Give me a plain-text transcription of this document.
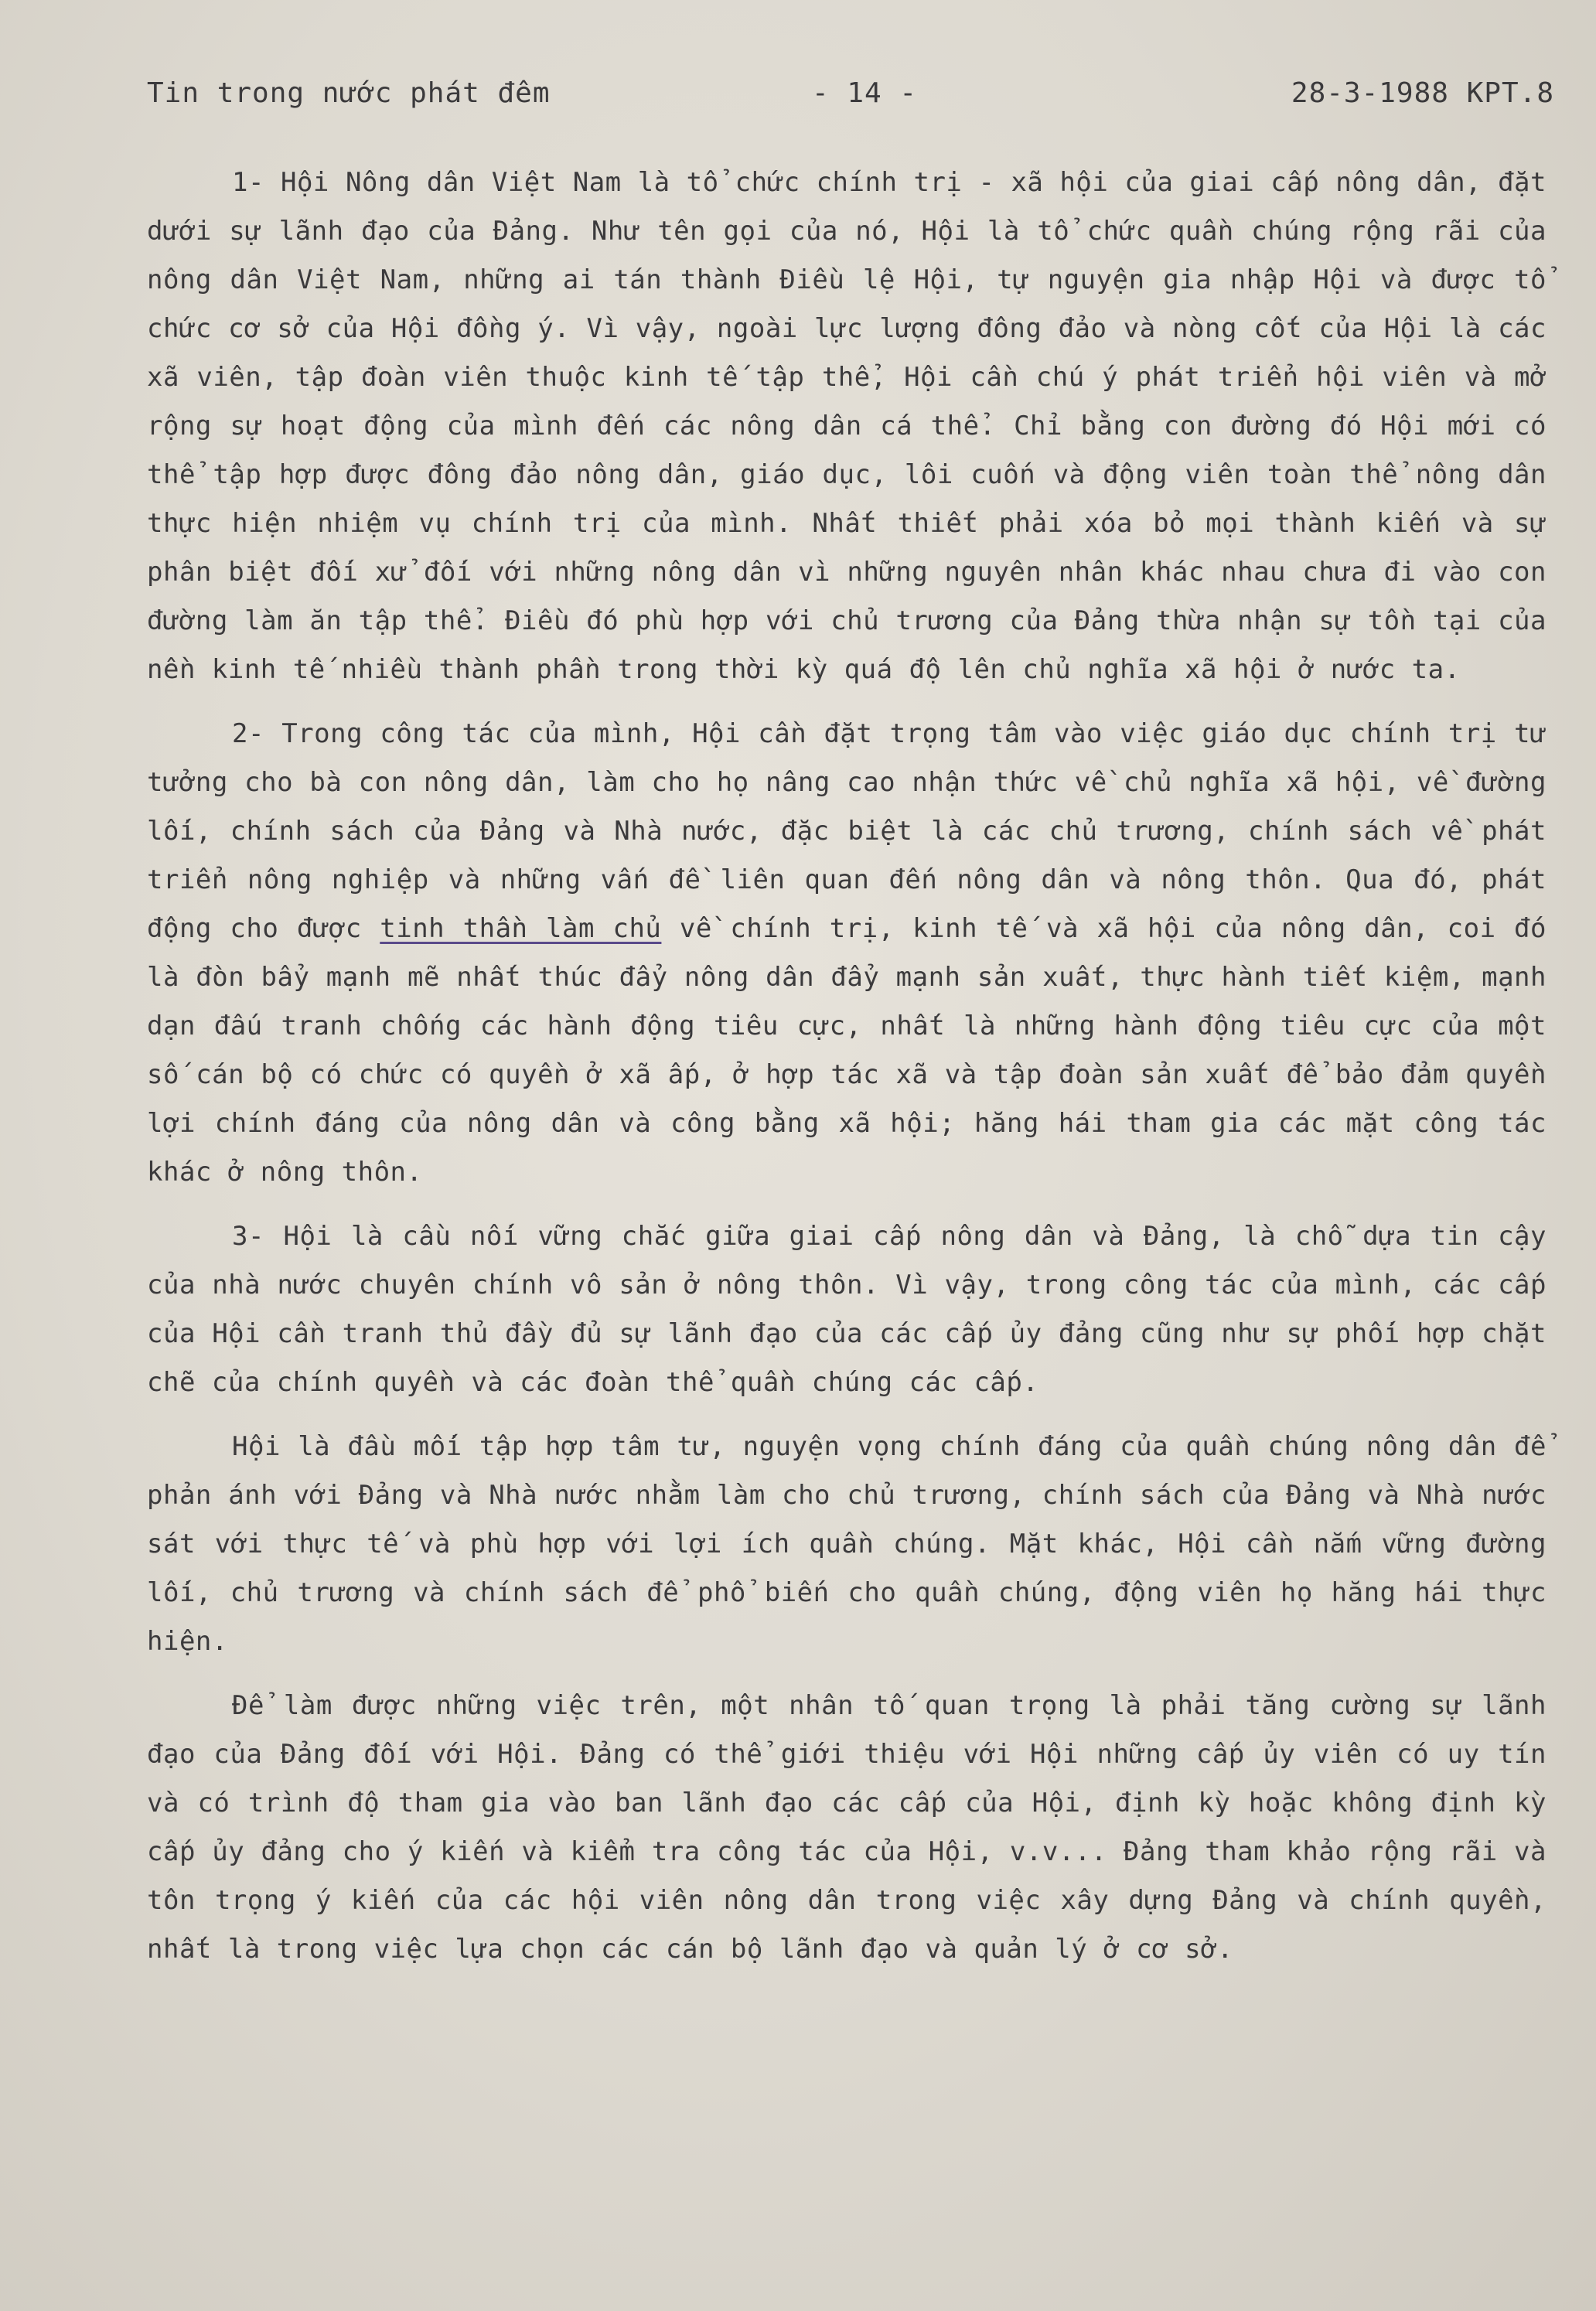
Tin trong nước phát đêm	- 14 -	28-3-1988 KPT.8

1- Hội Nông dân Việt Nam là tổ chức chính trị - xã hội của giai cấp nông dân, đặt dưới sự lãnh đạo của Đảng. Như tên gọi của nó, Hội là tổ chức quần chúng rộng rãi của nông dân Việt Nam, những ai tán thành Điều lệ Hội, tự nguyện gia nhập Hội và được tổ chức cơ sở của Hội đồng ý. Vì vậy, ngoài lực lượng đông đảo và nòng cốt của Hội là các xã viên, tập đoàn viên thuộc kinh tế tập thể, Hội cần chú ý phát triển hội viên và mở rộng sự hoạt động của mình đến các nông dân cá thể. Chỉ bằng con đường đó Hội mới có thể tập hợp được đông đảo nông dân, giáo dục, lôi cuốn và động viên toàn thể nông dân thực hiện nhiệm vụ chính trị của mình. Nhất thiết phải xóa bỏ mọi thành kiến và sự phân biệt đối xử đối với những nông dân vì những nguyên nhân khác nhau chưa đi vào con đường làm ăn tập thể. Điều đó phù hợp với chủ trương của Đảng thừa nhận sự tồn tại của nền kinh tế nhiều thành phần trong thời kỳ quá độ lên chủ nghĩa xã hội ở nước ta.

2- Trong công tác của mình, Hội cần đặt trọng tâm vào việc giáo dục chính trị tư tưởng cho bà con nông dân, làm cho họ nâng cao nhận thức về chủ nghĩa xã hội, về đường lối, chính sách của Đảng và Nhà nước, đặc biệt là các chủ trương, chính sách về phát triển nông nghiệp và những vấn đề liên quan đến nông dân và nông thôn. Qua đó, phát động cho được tinh thần làm chủ về chính trị, kinh tế và xã hội của nông dân, coi đó là đòn bẩy mạnh mẽ nhất thúc đẩy nông dân đẩy mạnh sản xuất, thực hành tiết kiệm, mạnh dạn đấu tranh chống các hành động tiêu cực, nhất là những hành động tiêu cực của một số cán bộ có chức có quyền ở xã ấp, ở hợp tác xã và tập đoàn sản xuất để bảo đảm quyền lợi chính đáng của nông dân và công bằng xã hội; hăng hái tham gia các mặt công tác khác ở nông thôn.

3- Hội là cầu nối vững chắc giữa giai cấp nông dân và Đảng, là chỗ dựa tin cậy của nhà nước chuyên chính vô sản ở nông thôn. Vì vậy, trong công tác của mình, các cấp của Hội cần tranh thủ đầy đủ sự lãnh đạo của các cấp ủy đảng cũng như sự phối hợp chặt chẽ của chính quyền và các đoàn thể quần chúng các cấp.

Hội là đầu mối tập hợp tâm tư, nguyện vọng chính đáng của quần chúng nông dân để phản ánh với Đảng và Nhà nước nhằm làm cho chủ trương, chính sách của Đảng và Nhà nước sát với thực tế và phù hợp với lợi ích quần chúng. Mặt khác, Hội cần nắm vững đường lối, chủ trương và chính sách để phổ biến cho quần chúng, động viên họ hăng hái thực hiện.

Để làm được những việc trên, một nhân tố quan trọng là phải tăng cường sự lãnh đạo của Đảng đối với Hội. Đảng có thể giới thiệu với Hội những cấp ủy viên có uy tín và có trình độ tham gia vào ban lãnh đạo các cấp của Hội, định kỳ hoặc không định kỳ cấp ủy đảng cho ý kiến và kiểm tra công tác của Hội, v.v... Đảng tham khảo rộng rãi và tôn trọng ý kiến của các hội viên nông dân trong việc xây dựng Đảng và chính quyền, nhất là trong việc lựa chọn các cán bộ lãnh đạo và quản lý ở cơ sở.
